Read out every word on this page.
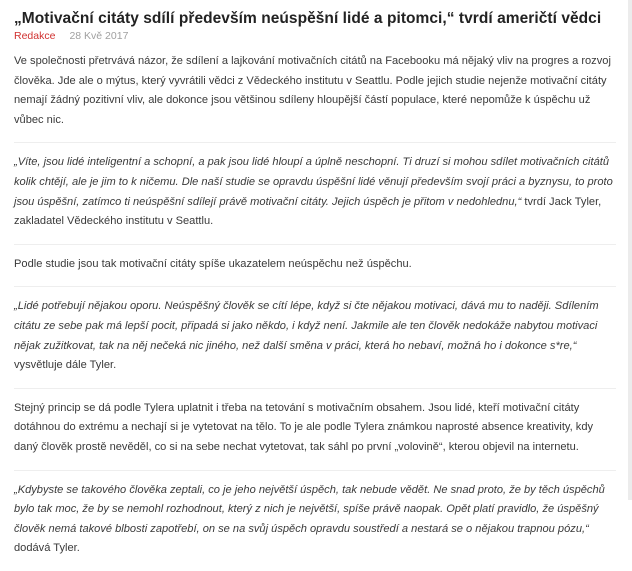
„Motivační citáty sdílí především neúspěšní lidé a pitomci,“ tvrdí američtí vědci
Redakce 28 Kvě 2017

Ve společnosti přetrvává názor, že sdílení a lajkování motivačních citátů na Facebooku má nějaký vliv na progres a rozvoj člověka. Jde ale o mýtus, který vyvrátili vědci z Vědeckého institutu v Seattlu. Podle jejich studie nejenže motivační citáty nemají žádný pozitivní vliv, ale dokonce jsou většinou sdíleny hloupější částí populace, které nepomůže k úspěchu už vůbec nic.

„Víte, jsou lidé inteligentní a schopní, a pak jsou lidé hloupí a úplně neschopní. Ti druzí si mohou sdílet motivačních citátů kolik chtějí, ale je jim to k ničemu. Dle naší studie se opravdu úspěšní lidé věnují především svojí práci a byznysu, to proto jsou úspěšní, zatímco ti neúspěšní sdílejí právě motivační citáty. Jejich úspěch je přitom v nedohlednu,“ tvrdí Jack Tyler, zakladatel Vědeckého institutu v Seattlu.

Podle studie jsou tak motivační citáty spíše ukazatelem neúspěchu než úspěchu.

„Lidé potřebují nějakou oporu. Neúspěšný člověk se cítí lépe, když si čte nějakou motivaci, dává mu to naději. Sdílením citátu ze sebe pak má lepší pocit, připadá si jako někdo, i když není. Jakmile ale ten člověk nedokáže nabytou motivaci nějak zužitkovat, tak na něj nečeká nic jiného, než další směna v práci, která ho nebaví, možná ho i dokonce s*re,“ vysvětluje dále Tyler.

Stejný princip se dá podle Tylera uplatnit i třeba na tetování s motivačním obsahem. Jsou lidé, kteří motivační citáty dotáhnou do extrému a nechají si je vytetovat na tělo. To je ale podle Tylera známkou naprosté absence kreativity, kdy daný člověk prostě nevěděl, co si na sebe nechat vytetovat, tak sáhl po první „volovině“, kterou objevil na internetu.

„Kdybyste se takového člověka zeptali, co je jeho největší úspěch, tak nebude vědět. Ne snad proto, že by těch úspěchů bylo tak moc, že by se nemohl rozhodnout, který z nich je největší, spíše právě naopak. Opět platí pravidlo, že úspěšný člověk nemá takové blbosti zapotřebí, on se na svůj úspěch opravdu soustředí a nestará se o nějakou trapnou pózu,“ dodává Tyler.
